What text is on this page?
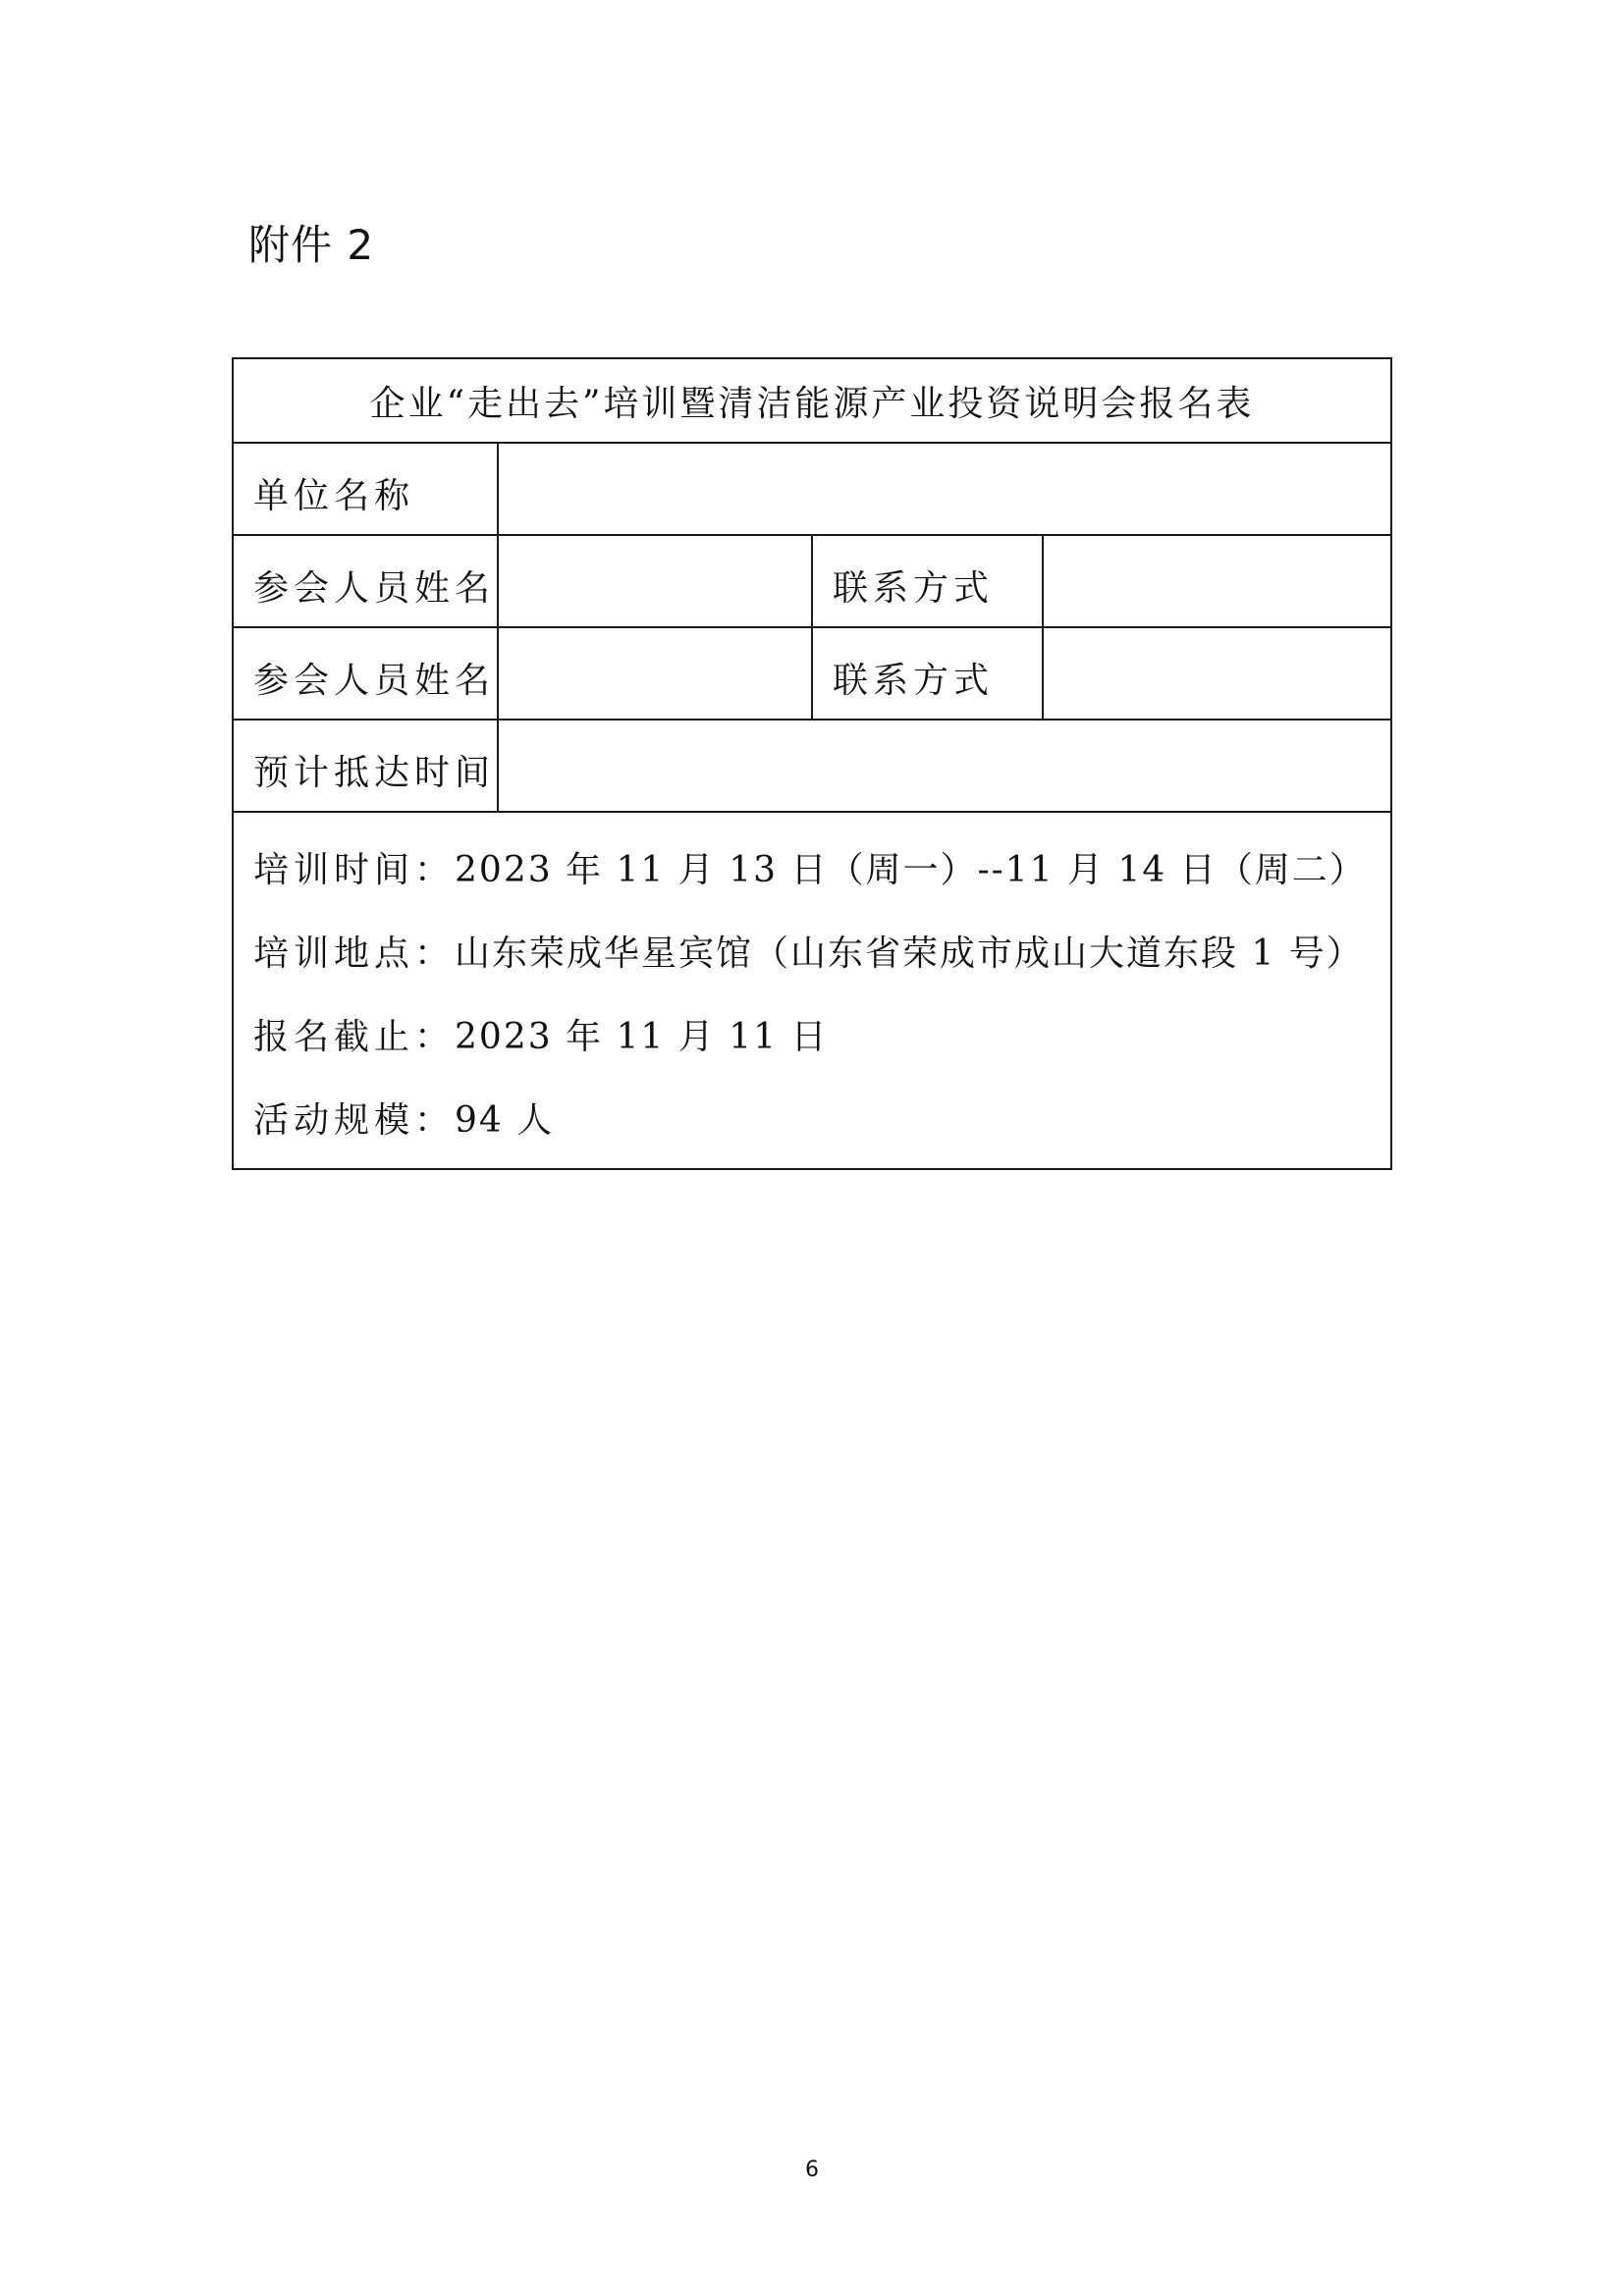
附件 2
企业“走出去”培训暨清洁能源产业投资说明会报名表			
单位名称			
参会人员姓名		联系方式	
参会人员姓名		联系方式	
预计抵达时间			

培训时间：2023 年 11 月 13 日（周一）--11 月 14 日（周二）
培训地点：山东荣成华星宾馆（山东省荣成市成山大道东段 1 号）
报名截止：2023 年 11 月 11 日
活动规模：94 人			
6
